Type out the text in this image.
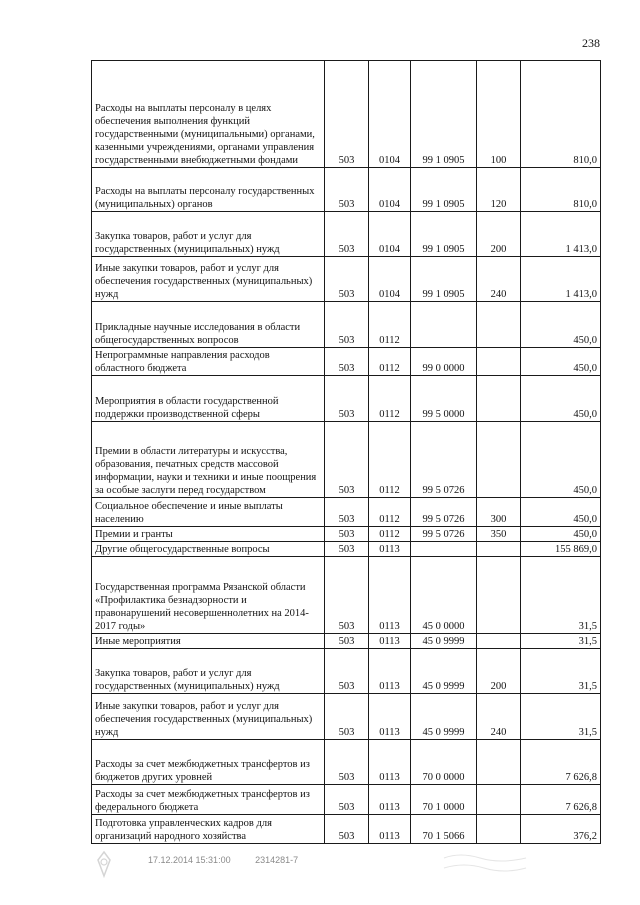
238
Расходы на выплаты персоналу в целях обеспечения выполнения функций государственными (муниципальными) органами, казенными учреждениями, органами управления государственными внебюджетными фондами	503	0104	99 1 0905	100	810,0
Расходы на выплаты персоналу государственных (муниципальных) органов	503	0104	99 1 0905	120	810,0
Закупка товаров, работ и услуг для государственных (муниципальных) нужд	503	0104	99 1 0905	200	1 413,0
Иные закупки товаров, работ и услуг для обеспечения государственных (муниципальных) нужд	503	0104	99 1 0905	240	1 413,0
Прикладные научные исследования в области общегосударственных вопросов	503	0112			450,0
Непрограммные направления расходов областного бюджета	503	0112	99 0 0000		450,0
Мероприятия в области государственной поддержки производственной сферы	503	0112	99 5 0000		450,0
Премии в области литературы и искусства, образования, печатных средств массовой информации, науки и техники и иные поощрения за особые заслуги перед государством	503	0112	99 5 0726		450,0
Социальное обеспечение и иные выплаты населению	503	0112	99 5 0726	300	450,0
Премии и гранты	503	0112	99 5 0726	350	450,0
Другие общегосударственные вопросы	503	0113			155 869,0
Государственная программа Рязанской области «Профилактика безнадзорности и правонарушений несовершеннолетних на 2014-2017 годы»	503	0113	45 0 0000		31,5
Иные мероприятия	503	0113	45 0 9999		31,5
Закупка товаров, работ и услуг для государственных (муниципальных) нужд	503	0113	45 0 9999	200	31,5
Иные закупки товаров, работ и услуг для обеспечения государственных (муниципальных) нужд	503	0113	45 0 9999	240	31,5
Расходы за счет межбюджетных трансфертов из бюджетов других уровней	503	0113	70 0 0000		7 626,8
Расходы за счет межбюджетных трансфертов из федерального бюджета	503	0113	70 1 0000		7 626,8
Подготовка управленческих кадров для организаций народного хозяйства	503	0113	70 1 5066		376,2
17.12.2014 15:31:00	2314281-7
